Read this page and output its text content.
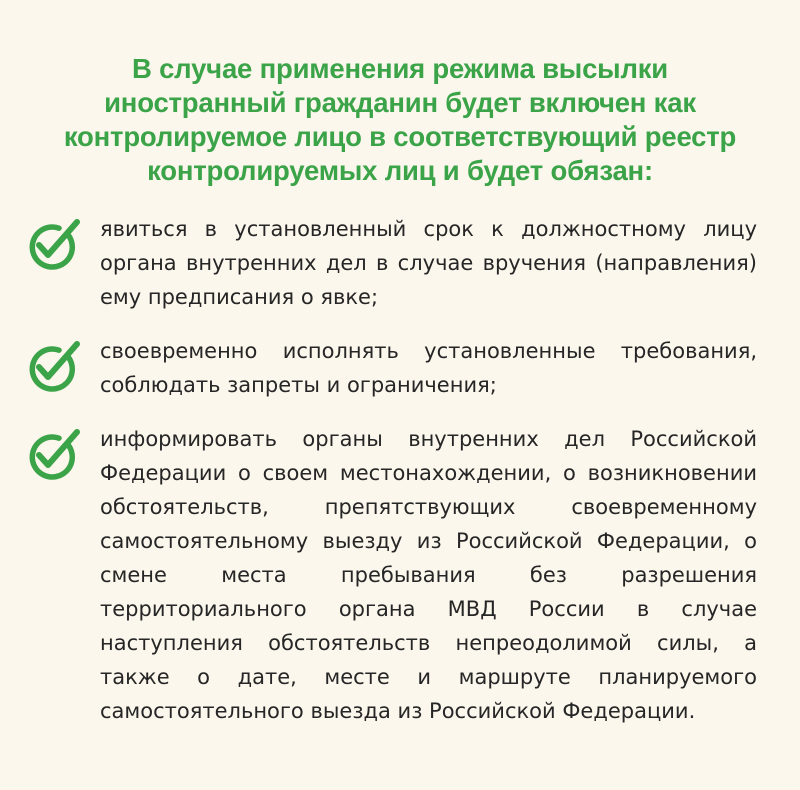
В случае применения режима высылки иностранный гражданин будет включен как контролируемое лицо в соответствующий реестр контролируемых лиц и будет обязан:

явиться в установленный срок к должностному лицу органа внутренних дел в случае вручения (направления) ему предписания о явке;

своевременно исполнять установленные требования, соблюдать запреты и ограничения;

информировать органы внутренних дел Российской Федерации о своем местонахождении, о возникновении обстоятельств, препятствующих своевременному самостоятельному выезду из Российской Федерации, о смене места пребывания без разрешения территориального органа МВД России в случае наступления обстоятельств непреодолимой силы, а также о дате, месте и маршруте планируемого самостоятельного выезда из Российской Федерации.
